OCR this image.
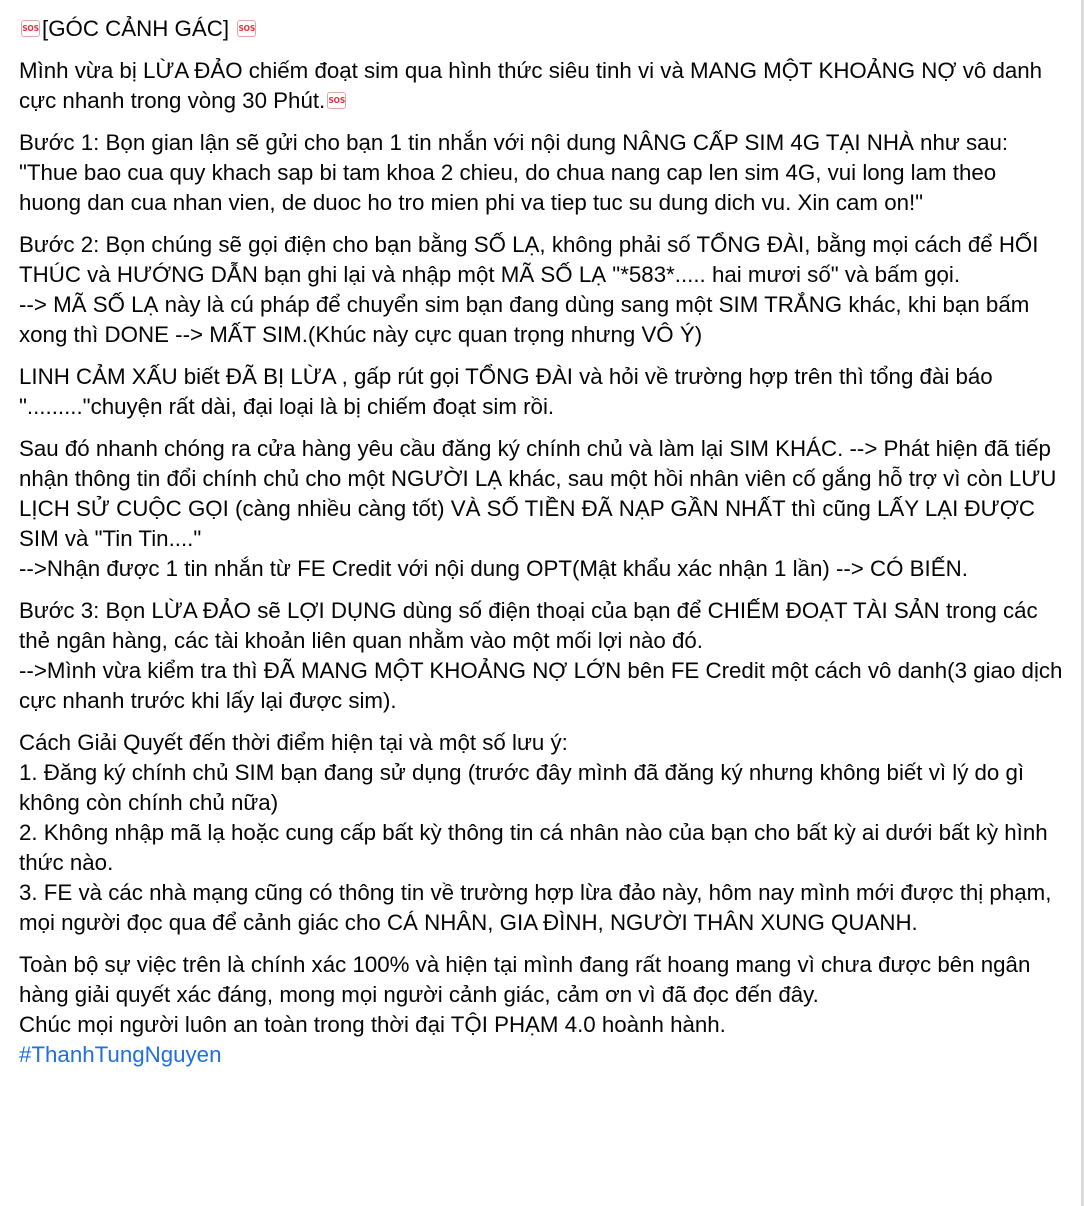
SOS [GÓC CẢNH GÁC] SOS

Mình vừa bị LỪA ĐẢO chiếm đoạt sim qua hình thức siêu tinh vi và MANG MỘT KHOẢNG NỢ vô danh cực nhanh trong vòng 30 Phút. SOS

Bước 1: Bọn gian lận sẽ gửi cho bạn 1 tin nhắn với nội dung NÂNG CẤP SIM 4G TẠI NHÀ như sau: "Thue bao cua quy khach sap bi tam khoa 2 chieu, do chua nang cap len sim 4G, vui long lam theo huong dan cua nhan vien, de duoc ho tro mien phi va tiep tuc su dung dich vu. Xin cam on!"

Bước 2: Bọn chúng sẽ gọi điện cho bạn bằng SỐ LẠ, không phải số TỔNG ĐÀI, bằng mọi cách để HỐI THÚC và HƯỚNG DẪN bạn ghi lại và nhập một MÃ SỐ LẠ "*583*..... hai mươi số" và bấm gọi.
--> MÃ SỐ LẠ này là cú pháp để chuyển sim bạn đang dùng sang một SIM TRẮNG khác, khi bạn bấm xong thì DONE --> MẤT SIM.(Khúc này cực quan trọng nhưng VÔ Ý)

LINH CẢM XẤU biết ĐÃ BỊ LỪA , gấp rút gọi TỔNG ĐÀI và hỏi về trường hợp trên thì tổng đài báo "........."chuyện rất dài, đại loại là bị chiếm đoạt sim rồi.

Sau đó nhanh chóng ra cửa hàng yêu cầu đăng ký chính chủ và làm lại SIM KHÁC. --> Phát hiện đã tiếp nhận thông tin đổi chính chủ cho một NGƯỜI LẠ khác, sau một hồi nhân viên cố gắng hỗ trợ vì còn LƯU LỊCH SỬ CUỘC GỌI (càng nhiều càng tốt) VÀ SỐ TIỀN ĐÃ NẠP GẦN NHẤT thì cũng LẤY LẠI ĐƯỢC SIM và "Tin Tin...."
-->Nhận được 1 tin nhắn từ FE Credit với nội dung OPT(Mật khẩu xác nhận 1 lần) --> CÓ BIẾN.

Bước 3: Bọn LỪA ĐẢO sẽ LỢI DỤNG dùng số điện thoại của bạn để CHIẾM ĐOẠT TÀI SẢN trong các thẻ ngân hàng, các tài khoản liên quan nhằm vào một mối lợi nào đó.
-->Mình vừa kiểm tra thì ĐÃ MANG MỘT KHOẢNG NỢ LỚN bên FE Credit một cách vô danh(3 giao dịch cực nhanh trước khi lấy lại được sim).

Cách Giải Quyết đến thời điểm hiện tại và một số lưu ý:
1. Đăng ký chính chủ SIM bạn đang sử dụng (trước đây mình đã đăng ký nhưng không biết vì lý do gì không còn chính chủ nữa)
2. Không nhập mã lạ hoặc cung cấp bất kỳ thông tin cá nhân nào của bạn cho bất kỳ ai dưới bất kỳ hình thức nào.
3. FE và các nhà mạng cũng có thông tin về trường hợp lừa đảo này, hôm nay mình mới được thị phạm, mọi người đọc qua để cảnh giác cho CÁ NHÂN, GIA ĐÌNH, NGƯỜI THÂN XUNG QUANH.

Toàn bộ sự việc trên là chính xác 100% và hiện tại mình đang rất hoang mang vì chưa được bên ngân hàng giải quyết xác đáng, mong mọi người cảnh giác, cảm ơn vì đã đọc đến đây.
Chúc mọi người luôn an toàn trong thời đại TỘI PHẠM 4.0 hoành hành.
#ThanhTungNguyen
